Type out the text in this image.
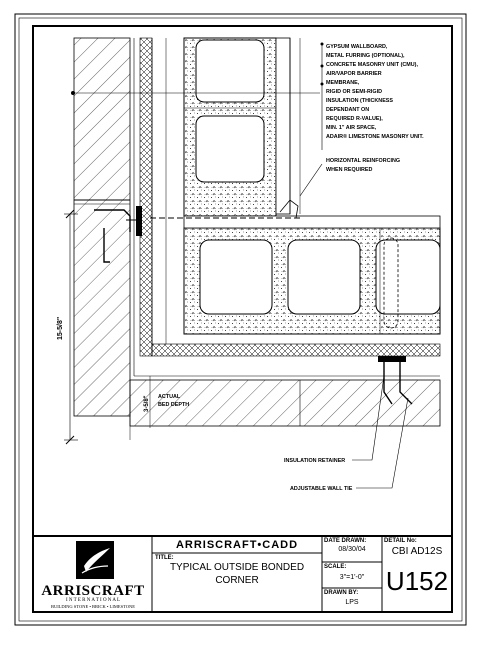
15-5/8"
3-5/8"
GYPSUM WALLBOARD,
METAL FURRING (OPTIONAL),
CONCRETE MASONRY UNIT (CMU),
AIR/VAPOR BARRIER
MEMBRANE,
RIGID OR SEMI-RIGID
INSULATION (THICKNESS
DEPENDANT ON
REQUIRED R-VALUE),
MIN. 1" AIR SPACE,
ADAIR® LIMESTONE MASONRY UNIT.
HORIZONTAL REINFORCING
WHEN REQUIRED
INSULATION RETAINER
ADJUSTABLE WALL TIE
ACTUAL
BED DEPTH
ARRISCRAFT
I N T E R N A T I O N A L
BUILDING STONE • BRICK • LIMESTONE
ARRISCRAFT•CADD
TITLE:
TYPICAL OUTSIDE BONDED
CORNER
DATE DRAWN:
08/30/04
SCALE:
3"=1'-0"
DRAWN BY:
LPS
DETAIL No:
CBI AD12S
U152
